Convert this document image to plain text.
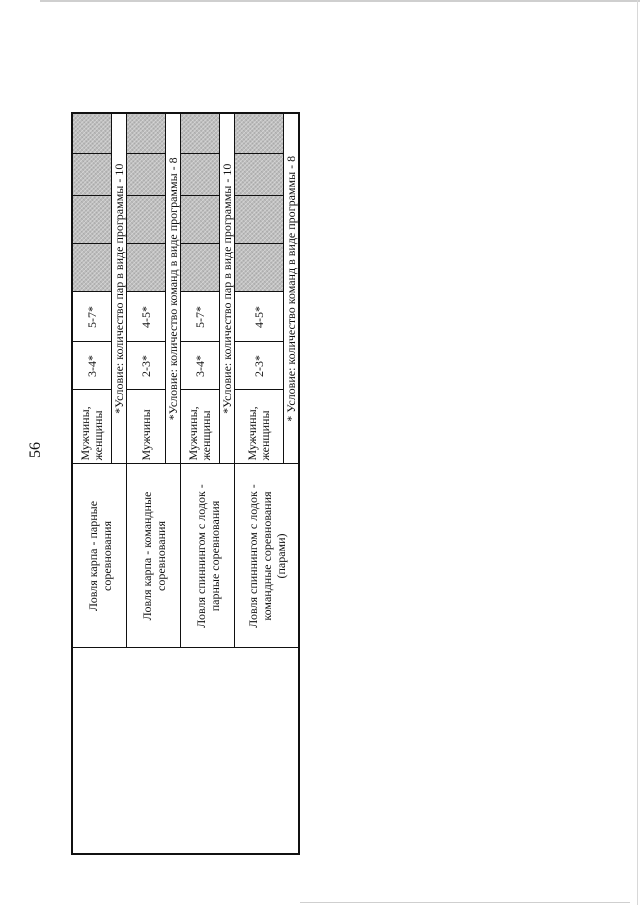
56
	Ловля карпа - парные соревнования	Мужчины, женщины	3-4*	5-7*				
		*Условие: количество пар в виде программы - 10						
	Ловля карпа - командные соревнования	Мужчины	2-3*	4-5*				
		*Условие: количество команд в виде программы - 8						
	Ловля спиннингом с лодок - парные соревнования	Мужчины, женщины	3-4*	5-7*				
		*Условие: количество пар в виде программы - 10						
	Ловля спиннингом с лодок - командные соревнования (парами)	Мужчины, женщины	2-3*	4-5*				
		* Условие: количество команд в виде программы - 8						
